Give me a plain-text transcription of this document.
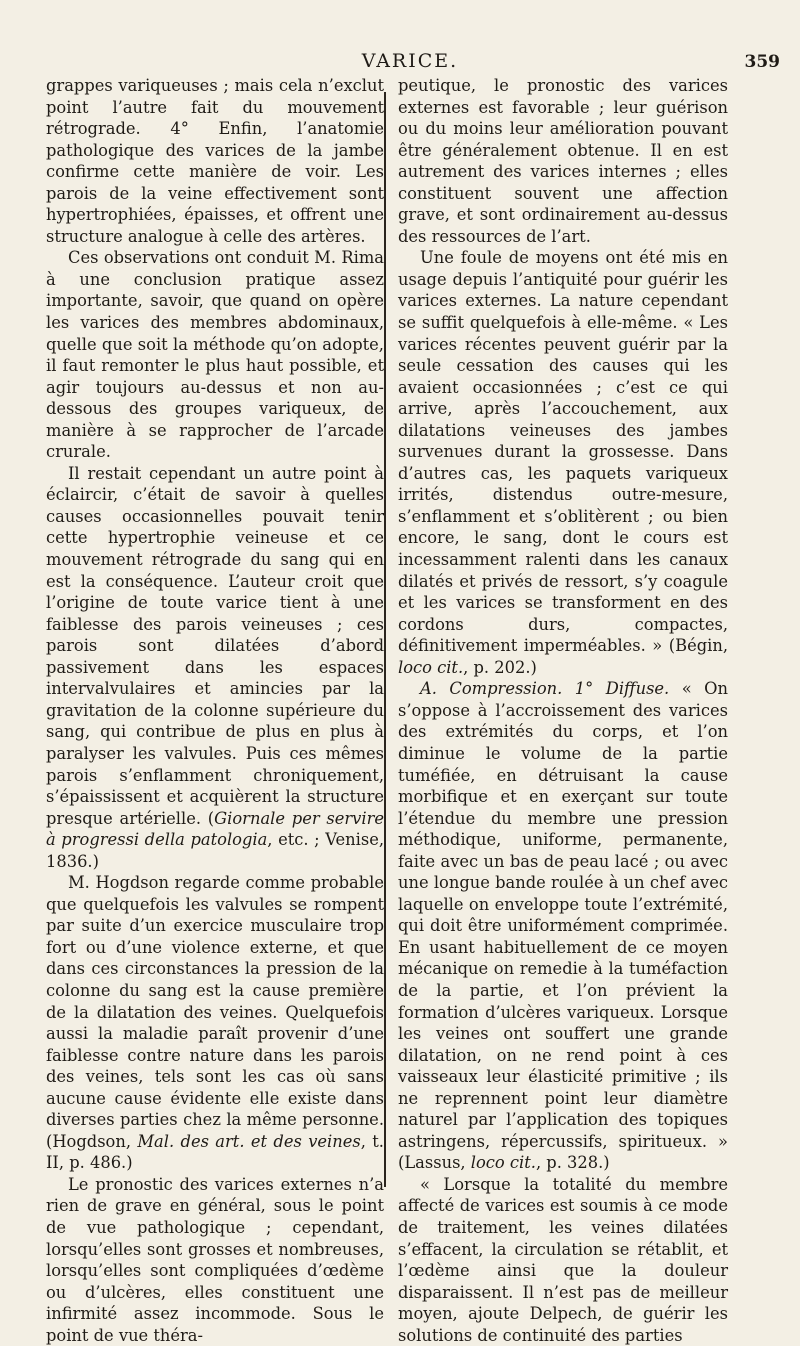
VARICE.	359

grappes variqueuses ; mais cela n’exclut point l’autre fait du mouvement rétrograde. 4° Enfin, l’anatomie pathologique des varices de la jambe confirme cette manière de voir. Les parois de la veine effectivement sont hypertrophiées, épaisses, et offrent une structure analogue à celle des artères.

Ces observations ont conduit M. Rima à une conclusion pratique assez importante, savoir, que quand on opère les varices des membres abdominaux, quelle que soit la méthode qu’on adopte, il faut remonter le plus haut possible, et agir toujours au-dessus et non au-dessous des groupes variqueux, de manière à se rapprocher de l’arcade crurale.

Il restait cependant un autre point à éclaircir, c’était de savoir à quelles causes occasionnelles pouvait tenir cette hypertrophie veineuse et ce mouvement rétrograde du sang qui en est la conséquence. L’auteur croit que l’origine de toute varice tient à une faiblesse des parois veineuses ; ces parois sont dilatées d’abord passivement dans les espaces intervalvulaires et amincies par la gravitation de la colonne supérieure du sang, qui contribue de plus en plus à paralyser les valvules. Puis ces mêmes parois s’enflamment chroniquement, s’épaississent et acquièrent la structure presque artérielle. (Giornale per servire à progressi della patologia, etc. ; Venise, 1836.)

M. Hogdson regarde comme probable que quelquefois les valvules se rompent par suite d’un exercice musculaire trop fort ou d’une violence externe, et que dans ces circonstances la pression de la colonne du sang est la cause première de la dilatation des veines. Quelquefois aussi la maladie paraît provenir d’une faiblesse contre nature dans les parois des veines, tels sont les cas où sans aucune cause évidente elle existe dans diverses parties chez la même personne. (Hogdson, Mal. des art. et des veines, t. II, p. 486.)

Le pronostic des varices externes n’a rien de grave en général, sous le point de vue pathologique ; cependant, lorsqu’elles sont grosses et nombreuses, lorsqu’elles sont compliquées d’œdème ou d’ulcères, elles constituent une infirmité assez incommode. Sous le point de vue théra-

peutique, le pronostic des varices externes est favorable ; leur guérison ou du moins leur amélioration pouvant être généralement obtenue. Il en est autrement des varices internes ; elles constituent souvent une affection grave, et sont ordinairement au-dessus des ressources de l’art.

Une foule de moyens ont été mis en usage depuis l’antiquité pour guérir les varices externes. La nature cependant se suffit quelquefois à elle-même. « Les varices récentes peuvent guérir par la seule cessation des causes qui les avaient occasionnées ; c’est ce qui arrive, après l’accouchement, aux dilatations veineuses des jambes survenues durant la grossesse. Dans d’autres cas, les paquets variqueux irrités, distendus outre-mesure, s’enflamment et s’oblitèrent ; ou bien encore, le sang, dont le cours est incessamment ralenti dans les canaux dilatés et privés de ressort, s’y coagule et les varices se transforment en des cordons durs, compactes, définitivement imperméables. » (Bégin, loco cit., p. 202.)

A. Compression. 1° Diffuse. « On s’oppose à l’accroissement des varices des extrémités du corps, et l’on diminue le volume de la partie tuméfiée, en détruisant la cause morbifique et en exerçant sur toute l’étendue du membre une pression méthodique, uniforme, permanente, faite avec un bas de peau lacé ; ou avec une longue bande roulée à un chef avec laquelle on enveloppe toute l’extrémité, qui doit être uniformément comprimée. En usant habituellement de ce moyen mécanique on remedie à la tuméfaction de la partie, et l’on prévient la formation d’ulcères variqueux. Lorsque les veines ont souffert une grande dilatation, on ne rend point à ces vaisseaux leur élasticité primitive ; ils ne reprennent point leur diamètre naturel par l’application des topiques astringens, répercussifs, spiritueux. » (Lassus, loco cit., p. 328.)

« Lorsque la totalité du membre affecté de varices est soumis à ce mode de traitement, les veines dilatées s’effacent, la circulation se rétablit, et l’œdème ainsi que la douleur disparaissent. Il n’est pas de meilleur moyen, ajoute Delpech, de guérir les solutions de continuité des parties
